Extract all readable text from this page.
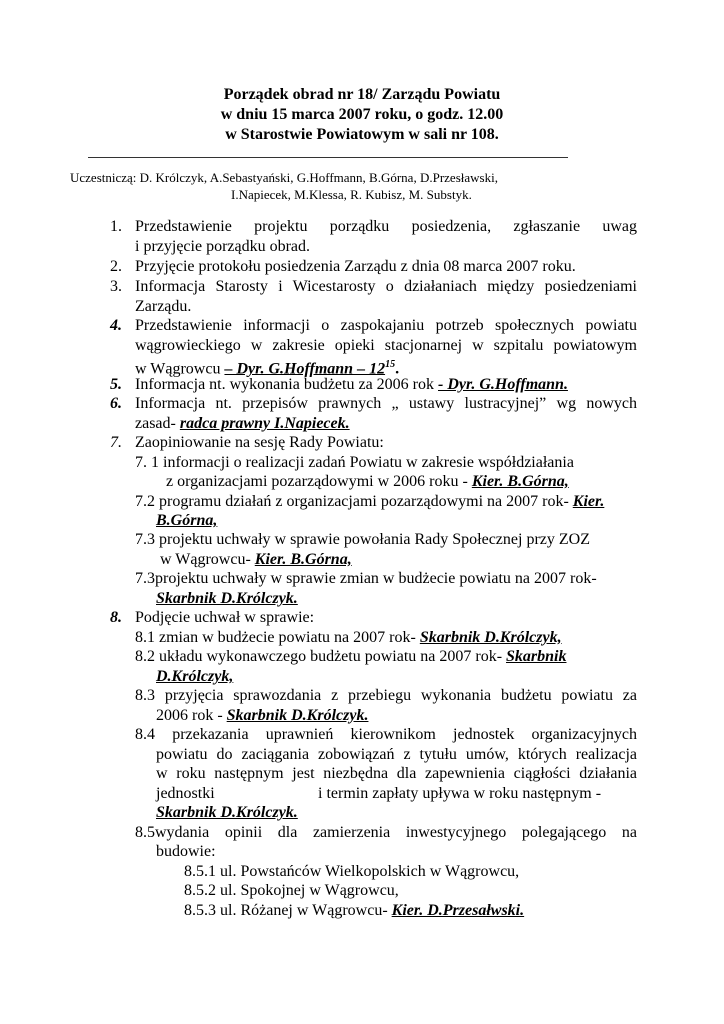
Porządek obrad nr 18/ Zarządu Powiatu
w dniu 15 marca 2007 roku, o godz. 12.00
w Starostwie Powiatowym w sali nr 108.
Uczestniczą: D. Królczyk, A.Sebastyański, G.Hoffmann, B.Górna, D.Przesławski,
I.Napiecek, M.Klessa, R. Kubisz, M. Substyk.
1. Przedstawienie projektu porządku posiedzenia, zgłaszanie uwag
i przyjęcie porządku obrad.
2. Przyjęcie protokołu posiedzenia Zarządu z dnia 08 marca 2007 roku.
3. Informacja Starosty i Wicestarosty o działaniach między posiedzeniami
Zarządu.
4. Przedstawienie informacji o zaspokajaniu potrzeb społecznych powiatu
wągrowieckiego w zakresie opieki stacjonarnej w szpitalu powiatowym
w Wągrowcu – Dyr. G.Hoffmann – $12^{15}$.
5. Informacja nt. wykonania budżetu za 2006 rok - Dyr. G.Hoffmann.
6. Informacja nt. przepisów prawnych „ ustawy lustracyjnej” wg nowych
zasad- radca prawny I.Napiecek.
7. Zaopiniowanie na sesję Rady Powiatu:
7. 1 informacji o realizacji zadań Powiatu w zakresie współdziałania
z organizacjami pozarządowymi w 2006 roku - Kier. B.Górna,
7.2 programu działań z organizacjami pozarządowymi na 2007 rok- Kier.
B.Górna,
7.3 projektu uchwały w sprawie powołania Rady Społecznej przy ZOZ
w Wągrowcu- Kier. B.Górna,
7.3projektu uchwały w sprawie zmian w budżecie powiatu na 2007 rok-
Skarbnik D.Królczyk.
8. Podjęcie uchwał w sprawie:
8.1 zmian w budżecie powiatu na 2007 rok- Skarbnik D.Królczyk,
8.2 układu wykonawczego budżetu powiatu na 2007 rok- Skarbnik
D.Królczyk,
8.3 przyjęcia sprawozdania z przebiegu wykonania budżetu powiatu za
2006 rok - Skarbnik D.Królczyk.
8.4 przekazania uprawnień kierownikom jednostek organizacyjnych
powiatu do zaciągania zobowiązań z tytułu umów, których realizacja
w roku następnym jest niezbędna dla zapewnienia ciągłości działania
jednostki	i termin zapłaty upływa w roku następnym -
Skarbnik D.Królczyk.
8.5wydania opinii dla zamierzenia inwestycyjnego polegającego na
budowie:
8.5.1 ul. Powstańców Wielkopolskich w Wągrowcu,
8.5.2 ul. Spokojnej w Wągrowcu,
8.5.3 ul. Różanej w Wągrowcu- Kier. D.Przesałwski.
